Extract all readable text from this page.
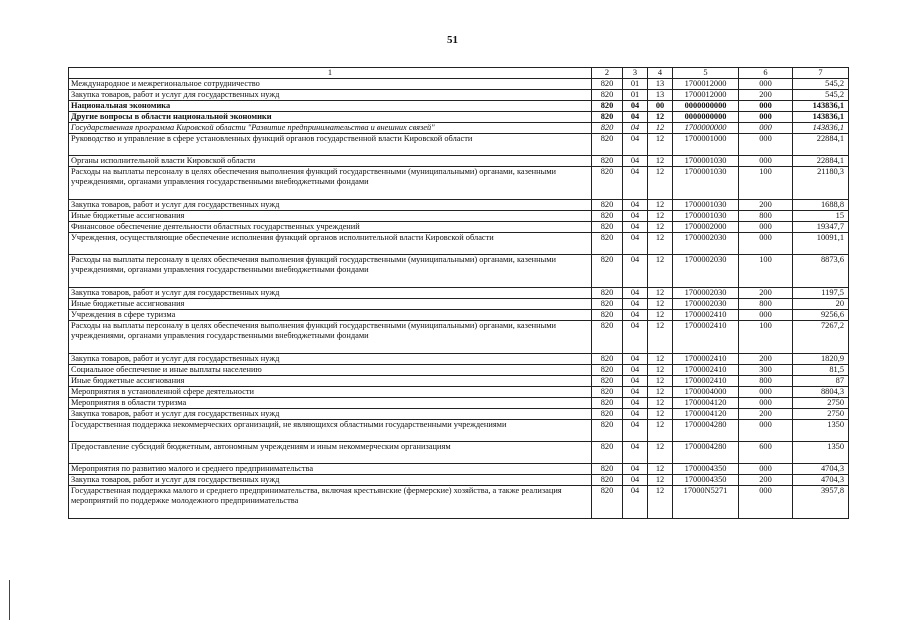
51
1	2	3	4	5	6	7
Международное и межрегиональное сотрудничество	820	01	13	1700012000	000	545,2
Закупка товаров, работ и услуг для государственных нужд	820	01	13	1700012000	200	545,2
Национальная экономика	820	04	00	0000000000	000	143836,1
Другие вопросы в области национальной экономики	820	04	12	0000000000	000	143836,1
Государственная программа Кировской области "Развитие предпринимательства и внешних связей"	820	04	12	1700000000	000	143836,1
Руководство и управление в сфере установленных функций органов государственной власти Кировской области	820	04	12	1700001000	000	22884,1
Органы исполнительной власти Кировской области	820	04	12	1700001030	000	22884,1
Расходы на выплаты персоналу в целях обеспечения выполнения функций государственными (муниципальными) органами, казенными учреждениями, органами управления государственными внебюджетными фондами	820	04	12	1700001030	100	21180,3
Закупка товаров, работ и услуг для государственных нужд	820	04	12	1700001030	200	1688,8
Иные бюджетные ассигнования	820	04	12	1700001030	800	15
Финансовое обеспечение деятельности областных государственных учреждений	820	04	12	1700002000	000	19347,7
Учреждения, осуществляющие обеспечение исполнения функций органов исполнительной власти Кировской области	820	04	12	1700002030	000	10091,1
Расходы на выплаты персоналу в целях обеспечения выполнения функций государственными (муниципальными) органами, казенными учреждениями, органами управления государственными внебюджетными фондами	820	04	12	1700002030	100	8873,6
Закупка товаров, работ и услуг для государственных нужд	820	04	12	1700002030	200	1197,5
Иные бюджетные ассигнования	820	04	12	1700002030	800	20
Учреждения в сфере туризма	820	04	12	1700002410	000	9256,6
Расходы на выплаты персоналу в целях обеспечения выполнения функций государственными (муниципальными) органами, казенными учреждениями, органами управления государственными внебюджетными фондами	820	04	12	1700002410	100	7267,2
Закупка товаров, работ и услуг для государственных нужд	820	04	12	1700002410	200	1820,9
Социальное обеспечение и иные выплаты населению	820	04	12	1700002410	300	81,5
Иные бюджетные ассигнования	820	04	12	1700002410	800	87
Мероприятия в установленной сфере деятельности	820	04	12	1700004000	000	8804,3
Мероприятия в области туризма	820	04	12	1700004120	000	2750
Закупка товаров, работ и услуг для государственных нужд	820	04	12	1700004120	200	2750
Государственная поддержка некоммерческих организаций, не являющихся областными государственными учреждениями	820	04	12	1700004280	000	1350
Предоставление субсидий бюджетным, автономным учреждениям и иным некоммерческим организациям	820	04	12	1700004280	600	1350
Мероприятия по развитию малого и среднего предпринимательства	820	04	12	1700004350	000	4704,3
Закупка товаров, работ и услуг для государственных нужд	820	04	12	1700004350	200	4704,3
Государственная поддержка малого и среднего предпринимательства, включая крестьянские (фермерские) хозяйства, а также реализация мероприятий по поддержке молодежного предпринимательства	820	04	12	17000N5271	000	3957,8
